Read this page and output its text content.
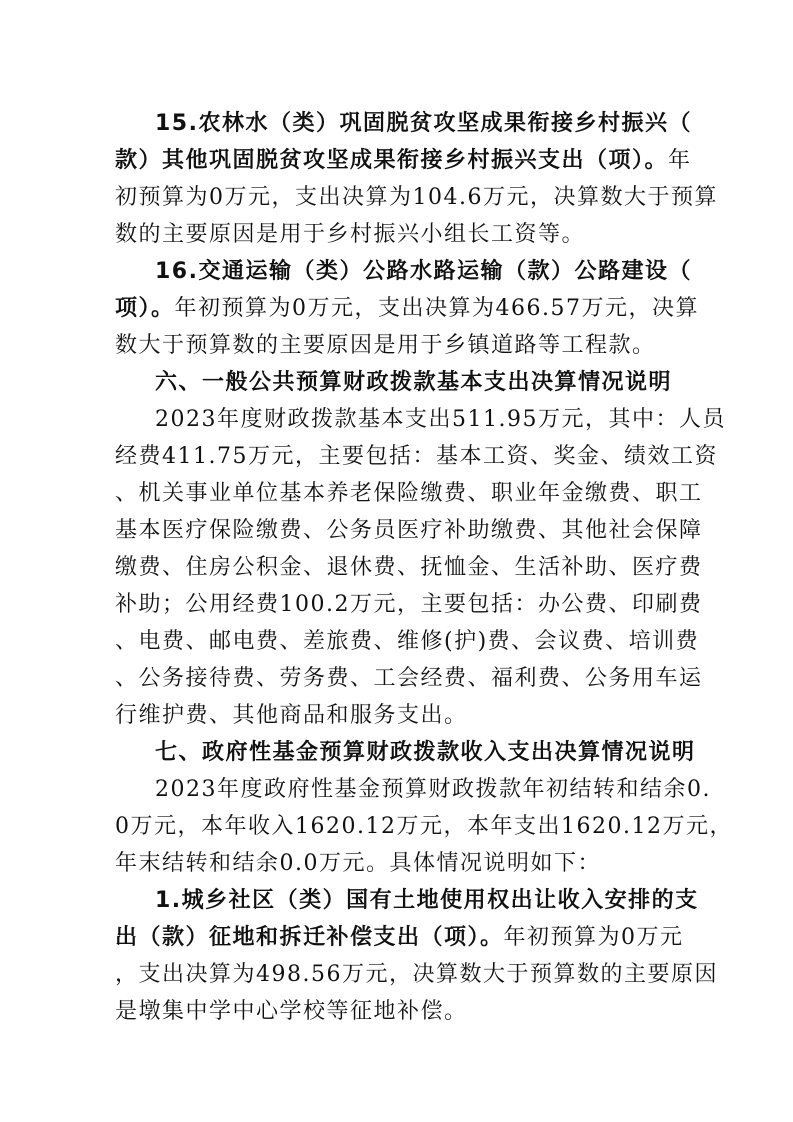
15.农林水（类）巩固脱贫攻坚成果衔接乡村振兴（
款）其他巩固脱贫攻坚成果衔接乡村振兴支出（项）。年
初预算为0万元，支出决算为104.6万元，决算数大于预算
数的主要原因是用于乡村振兴小组长工资等。
16.交通运输（类）公路水路运输（款）公路建设（
项）。年初预算为0万元，支出决算为466.57万元，决算
数大于预算数的主要原因是用于乡镇道路等工程款。
六、一般公共预算财政拨款基本支出决算情况说明
2023年度财政拨款基本支出511.95万元，其中：人员
经费411.75万元，主要包括：基本工资、奖金、绩效工资
、机关事业单位基本养老保险缴费、职业年金缴费、职工
基本医疗保险缴费、公务员医疗补助缴费、其他社会保障
缴费、住房公积金、退休费、抚恤金、生活补助、医疗费
补助；公用经费100.2万元，主要包括：办公费、印刷费
、电费、邮电费、差旅费、维修(护)费、会议费、培训费
、公务接待费、劳务费、工会经费、福利费、公务用车运
行维护费、其他商品和服务支出。
七、政府性基金预算财政拨款收入支出决算情况说明
2023年度政府性基金预算财政拨款年初结转和结余0.
0万元，本年收入1620.12万元，本年支出1620.12万元，
年末结转和结余0.0万元。具体情况说明如下：
1.城乡社区（类）国有土地使用权出让收入安排的支
出（款）征地和拆迁补偿支出（项）。年初预算为0万元
，支出决算为498.56万元，决算数大于预算数的主要原因
是墩集中学中心学校等征地补偿。
